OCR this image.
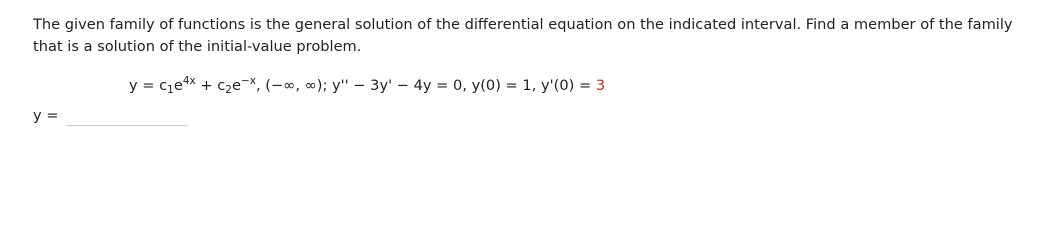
The given family of functions is the general solution of the differential equation on the indicated interval. Find a member of the family that is a solution of the initial-value problem.

$y = c_1e^{4x} + c_2e^{-x}$, (−∞, ∞); y'' − 3y' − 4y = 0, y(0) = 1, y'(0) = 3
y =
